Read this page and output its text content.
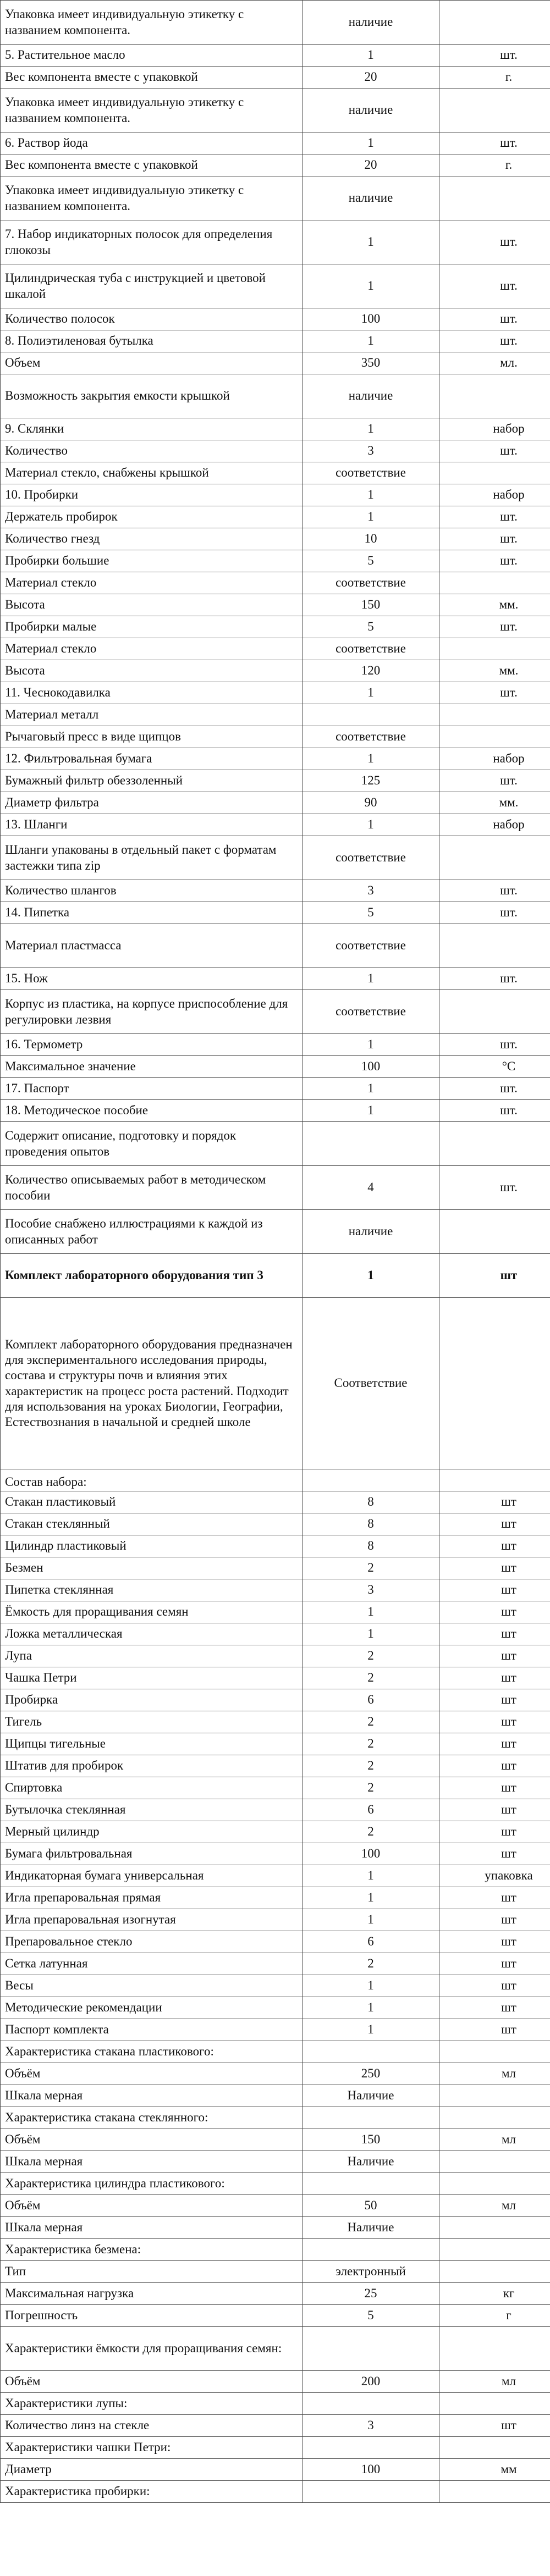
Упаковка имеет индивидуальную этикетку с названием компонента.	наличие	
5. Растительное масло	1	шт.
Вес компонента вместе с упаковкой	20	г.
Упаковка имеет индивидуальную этикетку с названием компонента.	наличие	
6. Раствор йода	1	шт.
Вес компонента вместе с упаковкой	20	г.
Упаковка имеет индивидуальную этикетку с названием компонента.	наличие	
7. Набор индикаторных полосок для определения глюкозы	1	шт.
Цилиндрическая туба с инструкцией и цветовой шкалой	1	шт.
Количество полосок	100	шт.
8. Полиэтиленовая бутылка	1	шт.
Объем	350	мл.
Возможность закрытия емкости крышкой	наличие	
9. Склянки	1	набор
Количество	3	шт.
Материал стекло, снабжены крышкой	соответствие	
10. Пробирки	1	набор
Держатель пробирок	1	шт.
Количество гнезд	10	шт.
Пробирки большие	5	шт.
Материал стекло	соответствие	
Высота	150	мм.
Пробирки малые	5	шт.
Материал стекло	соответствие	
Высота	120	мм.
11. Чеснокодавилка	1	шт.
Материал металл		
Рычаговый пресс в виде щипцов	соответствие	
12. Фильтровальная бумага	1	набор
Бумажный фильтр обеззоленный	125	шт.
Диаметр фильтра	90	мм.
13. Шланги	1	набор
Шланги упакованы в отдельный пакет с форматам застежки типа zip	соответствие	
Количество шлангов	3	шт.
14. Пипетка	5	шт.
Материал пластмасса	соответствие	
15. Нож	1	шт.
Корпус из пластика, на корпусе приспособление для регулировки лезвия	соответствие	
16. Термометр	1	шт.
Максимальное значение	100	°С
17. Паспорт	1	шт.
18. Методическое пособие	1	шт.
Содержит описание, подготовку и порядок проведения опытов		
Количество описываемых работ в методическом пособии	4	шт.
Пособие снабжено иллюстрациями к каждой из описанных работ	наличие	
Комплект лабораторного оборудования тип 3	1	шт
Комплект лабораторного оборудования предназначен для экспериментального исследования природы, состава и структуры почв и влияния этих характеристик на процесс роста растений. Подходит для использования на уроках Биологии, Географии, Естествознания в начальной и средней школе	Соответствие	
Состав набора:		
Стакан пластиковый	8	шт
Стакан стеклянный	8	шт
Цилиндр пластиковый	8	шт
Безмен	2	шт
Пипетка стеклянная	3	шт
Ёмкость для проращивания семян	1	шт
Ложка металлическая	1	шт
Лупа	2	шт
Чашка Петри	2	шт
Пробирка	6	шт
Тигель	2	шт
Щипцы тигельные	2	шт
Штатив для пробирок	2	шт
Спиртовка	2	шт
Бутылочка стеклянная	6	шт
Мерный цилиндр	2	шт
Бумага фильтровальная	100	шт
Индикаторная бумага универсальная	1	упаковка
Игла препаровальная прямая	1	шт
Игла препаровальная изогнутая	1	шт
Препаровальное стекло	6	шт
Сетка латунная	2	шт
Весы	1	шт
Методические рекомендации	1	шт
Паспорт комплекта	1	шт
Характеристика стакана пластикового:		
Объём	250	мл
Шкала мерная	Наличие	
Характеристика стакана стеклянного:		
Объём	150	мл
Шкала мерная	Наличие	
Характеристика цилиндра пластикового:		
Объём	50	мл
Шкала мерная	Наличие	
Характеристика безмена:		
Тип	электронный	
Максимальная нагрузка	25	кг
Погрешность	5	г
Характеристики ёмкости для проращивания семян:		
Объём	200	мл
Характеристики лупы:		
Количество линз на стекле	3	шт
Характеристики чашки Петри:		
Диаметр	100	мм
Характеристика пробирки:		
